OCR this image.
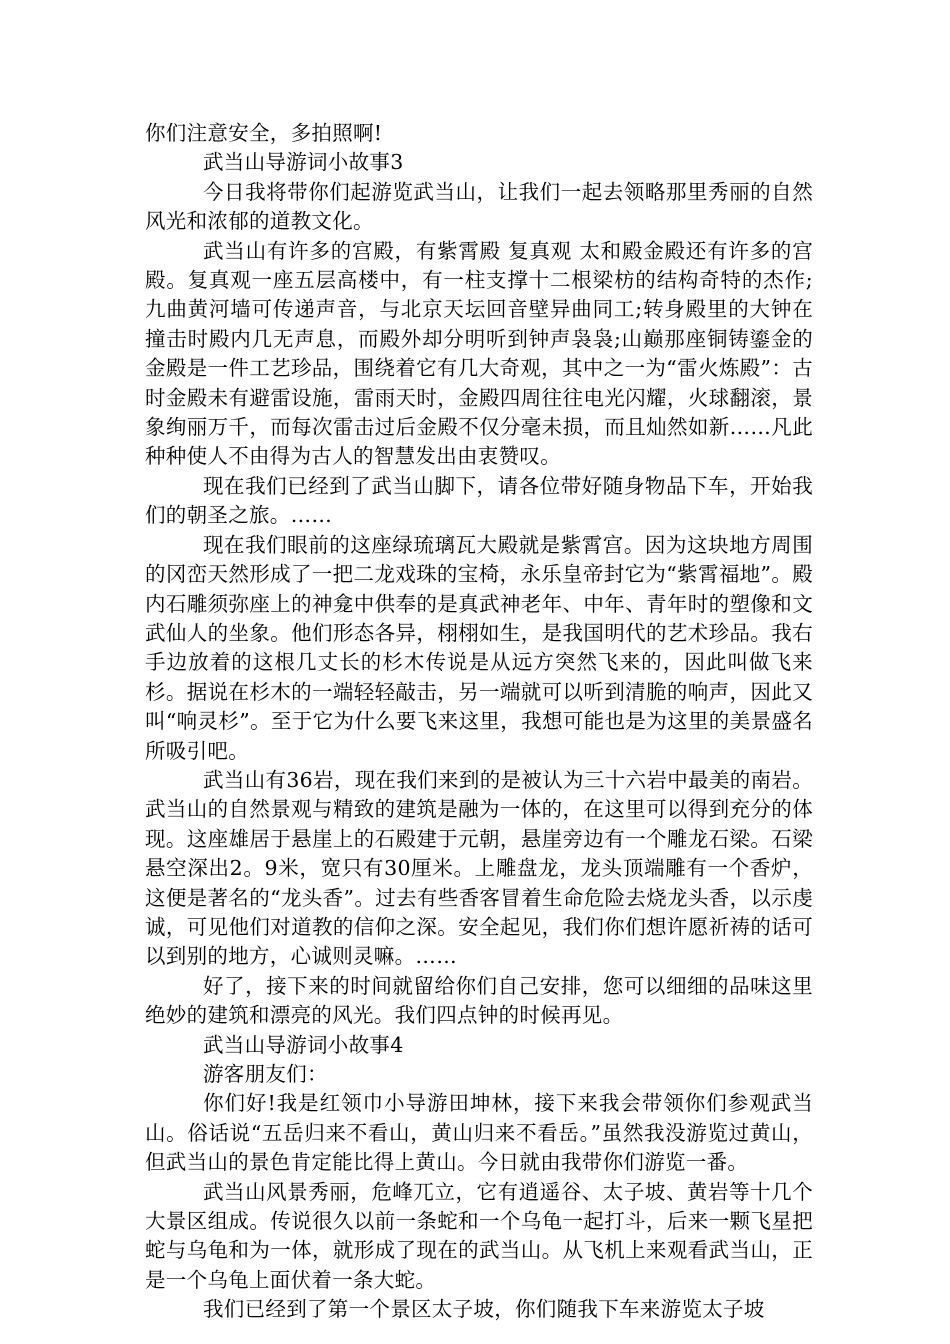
你们注意安全，多拍照啊!

武当山导游词小故事3

今日我将带你们起游览武当山，让我们一起去领略那里秀丽的自然风光和浓郁的道教文化。

武当山有许多的宫殿，有紫霄殿 复真观 太和殿金殿还有许多的宫殿。复真观一座五层高楼中，有一柱支撑十二根梁枋的结构奇特的杰作;九曲黄河墙可传递声音，与北京天坛回音壁异曲同工;转身殿里的大钟在撞击时殿内几无声息，而殿外却分明听到钟声袅袅;山巅那座铜铸鎏金的金殿是一件工艺珍品，围绕着它有几大奇观，其中之一为“雷火炼殿”：古时金殿未有避雷设施，雷雨天时，金殿四周往往电光闪耀，火球翻滚，景象绚丽万千，而每次雷击过后金殿不仅分毫未损，而且灿然如新……凡此种种使人不由得为古人的智慧发出由衷赞叹。

现在我们已经到了武当山脚下，请各位带好随身物品下车，开始我们的朝圣之旅。……

现在我们眼前的这座绿琉璃瓦大殿就是紫霄宫。因为这块地方周围的冈峦天然形成了一把二龙戏珠的宝椅，永乐皇帝封它为“紫霄福地”。殿内石雕须弥座上的神龛中供奉的是真武神老年、中年、青年时的塑像和文武仙人的坐象。他们形态各异，栩栩如生，是我国明代的艺术珍品。我右手边放着的这根几丈长的杉木传说是从远方突然飞来的，因此叫做飞来杉。据说在杉木的一端轻轻敲击，另一端就可以听到清脆的响声，因此又叫“响灵杉”。至于它为什么要飞来这里，我想可能也是为这里的美景盛名所吸引吧。

武当山有36岩，现在我们来到的是被认为三十六岩中最美的南岩。武当山的自然景观与精致的建筑是融为一体的，在这里可以得到充分的体现。这座雄居于悬崖上的石殿建于元朝，悬崖旁边有一个雕龙石梁。石梁悬空深出2。9米，宽只有30厘米。上雕盘龙，龙头顶端雕有一个香炉，这便是著名的“龙头香”。过去有些香客冒着生命危险去烧龙头香，以示虔诚，可见他们对道教的信仰之深。安全起见，我们你们想许愿祈祷的话可以到别的地方，心诚则灵嘛。……

好了，接下来的时间就留给你们自己安排，您可以细细的品味这里绝妙的建筑和漂亮的风光。我们四点钟的时候再见。

武当山导游词小故事4

游客朋友们：

你们好!我是红领巾小导游田坤林，接下来我会带领你们参观武当山。俗话说“五岳归来不看山，黄山归来不看岳。”虽然我没游览过黄山，但武当山的景色肯定能比得上黄山。今日就由我带你们游览一番。

武当山风景秀丽，危峰兀立，它有逍遥谷、太子坡、黄岩等十几个大景区组成。传说很久以前一条蛇和一个乌龟一起打斗，后来一颗飞星把蛇与乌龟和为一体，就形成了现在的武当山。从飞机上来观看武当山，正是一个乌龟上面伏着一条大蛇。

我们已经到了第一个景区太子坡，你们随我下车来游览太子坡
